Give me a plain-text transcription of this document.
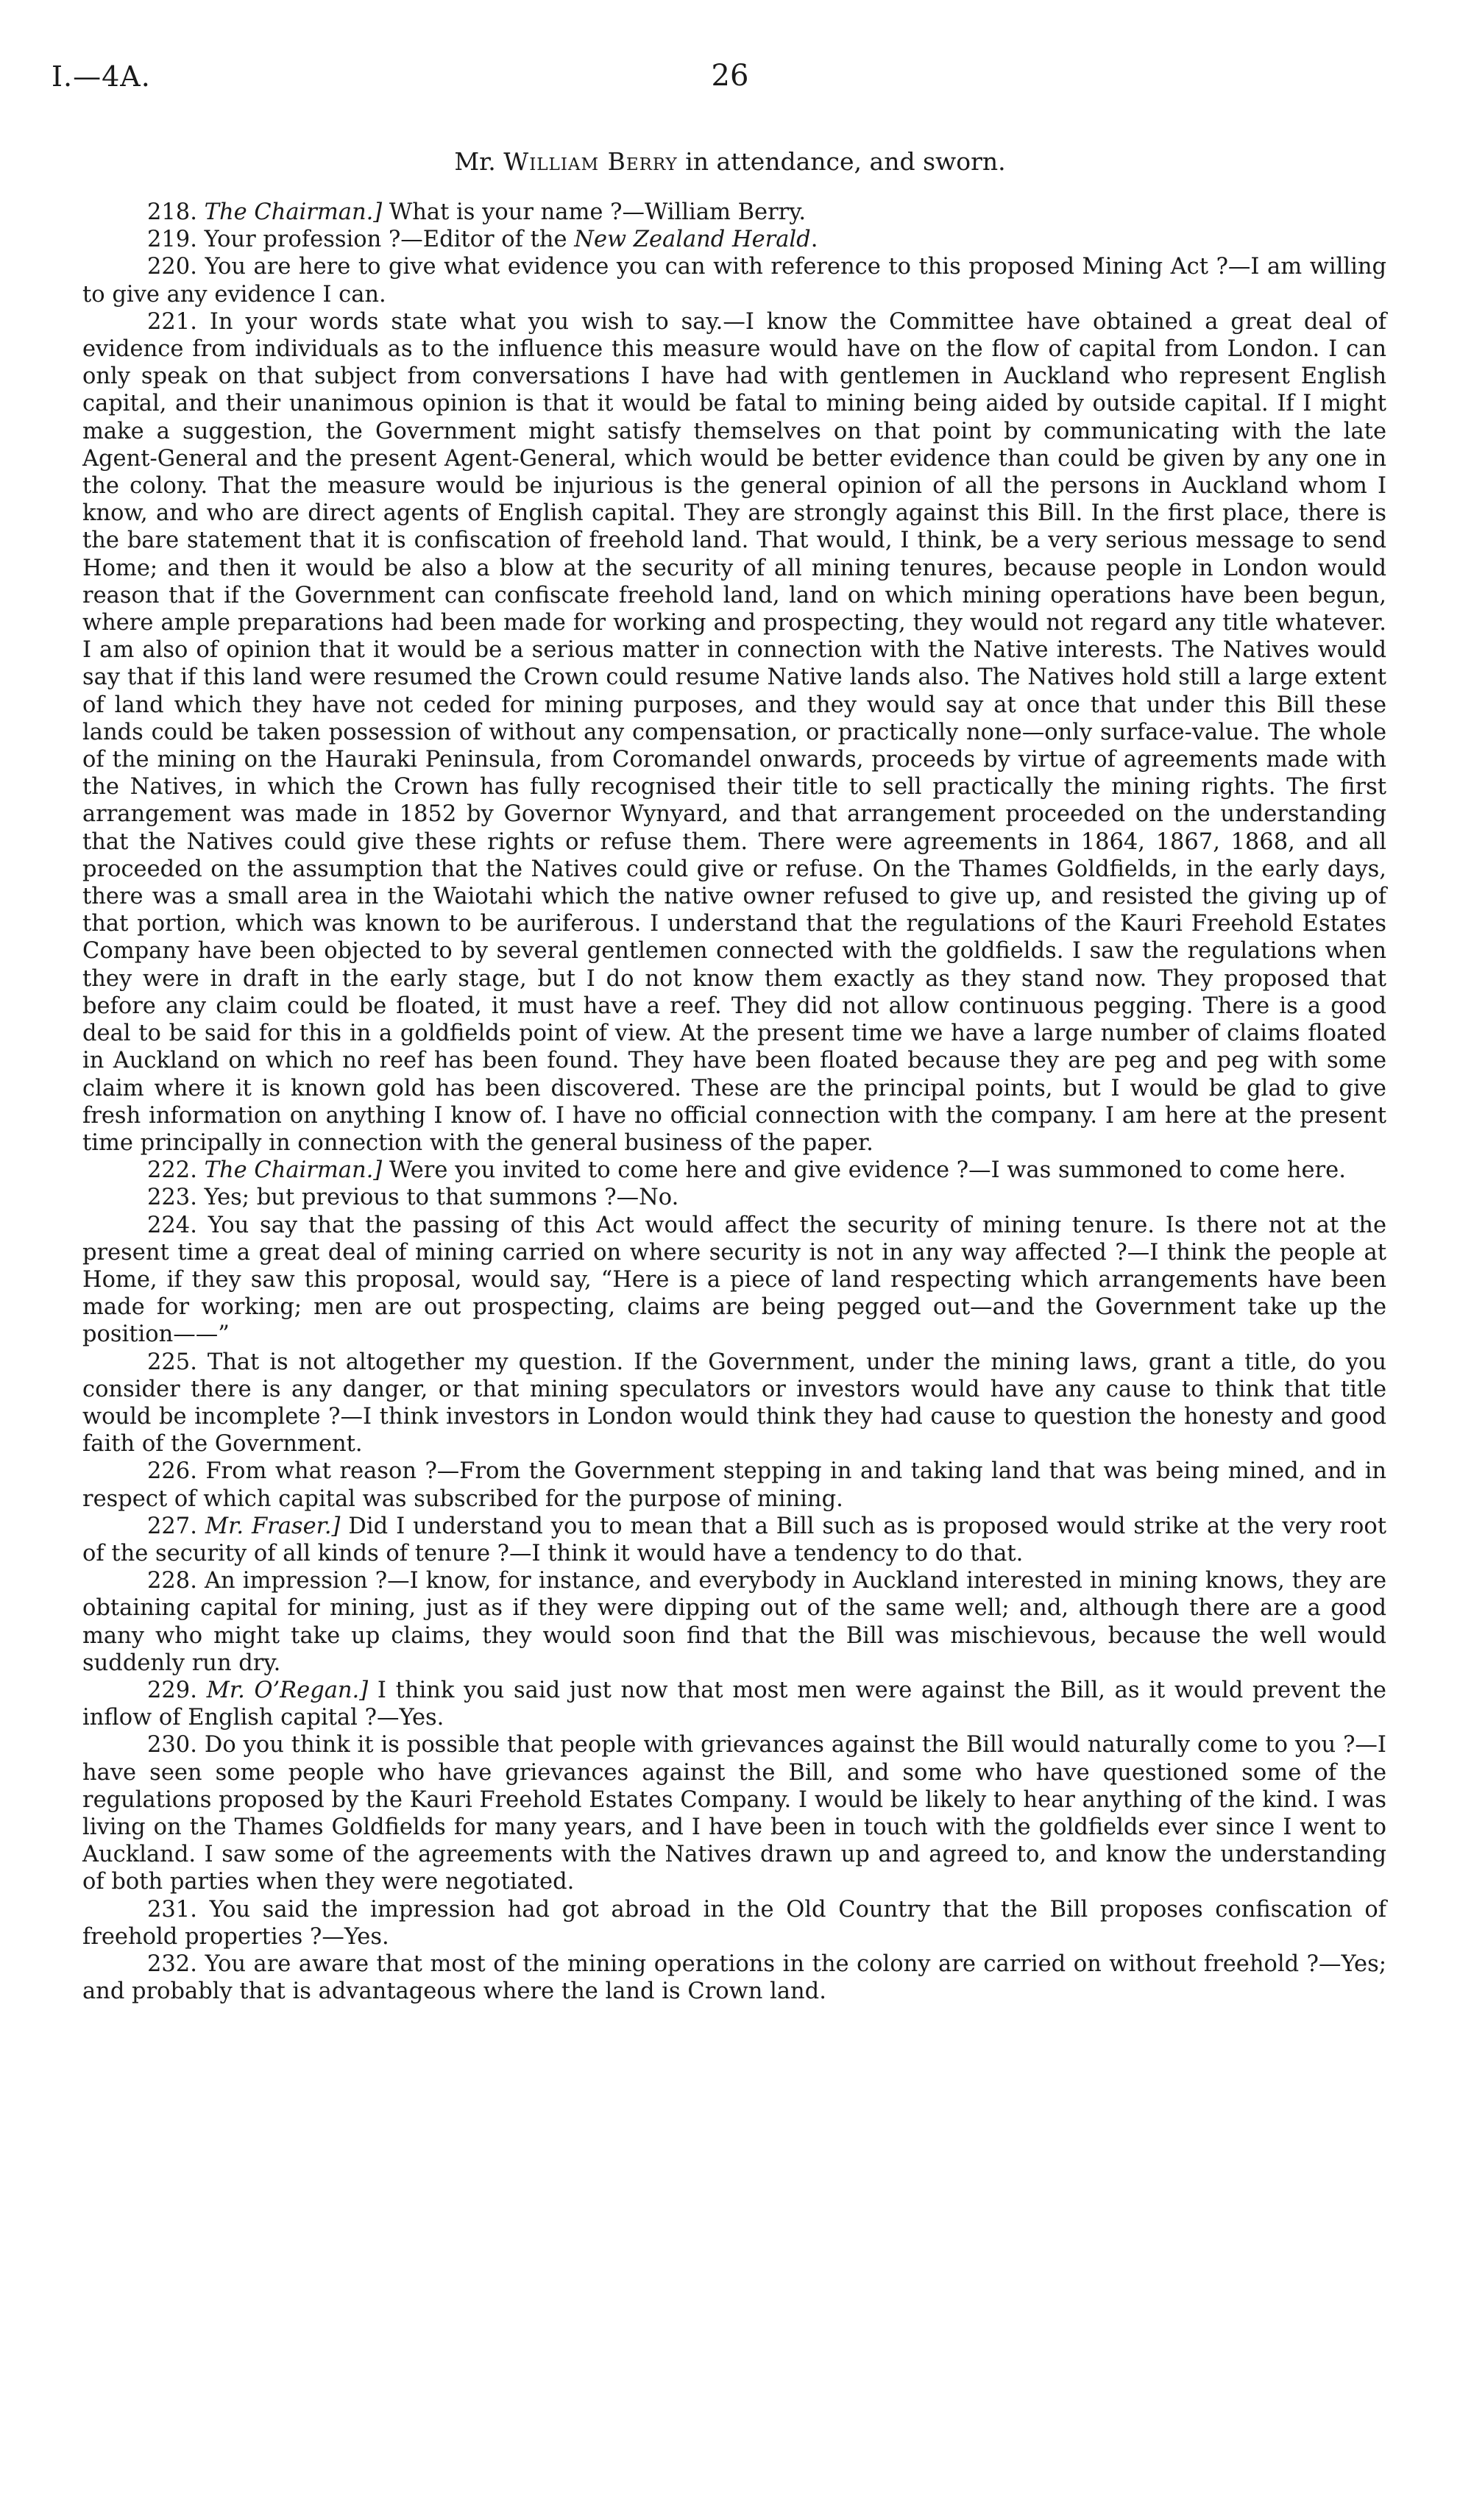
I.—4A.	26
Mr. William Berry in attendance, and sworn.

218. The Chairman.] What is your name ?—William Berry.

219. Your profession ?—Editor of the New Zealand Herald.

220. You are here to give what evidence you can with reference to this proposed Mining Act ?—I am willing to give any evidence I can.

221. In your words state what you wish to say.—I know the Committee have obtained a great deal of evidence from individuals as to the influence this measure would have on the flow of capital from London. I can only speak on that subject from conversations I have had with gentlemen in Auckland who represent English capital, and their unanimous opinion is that it would be fatal to mining being aided by outside capital. If I might make a suggestion, the Government might satisfy themselves on that point by communicating with the late Agent-General and the present Agent-General, which would be better evidence than could be given by any one in the colony. That the measure would be injurious is the general opinion of all the persons in Auckland whom I know, and who are direct agents of English capital. They are strongly against this Bill. In the first place, there is the bare statement that it is confiscation of freehold land. That would, I think, be a very serious message to send Home; and then it would be also a blow at the security of all mining tenures, because people in London would reason that if the Government can confiscate freehold land, land on which mining operations have been begun, where ample preparations had been made for working and prospecting, they would not regard any title whatever. I am also of opinion that it would be a serious matter in connection with the Native interests. The Natives would say that if this land were resumed the Crown could resume Native lands also. The Natives hold still a large extent of land which they have not ceded for mining purposes, and they would say at once that under this Bill these lands could be taken possession of without any compensation, or practically none—only surface-value. The whole of the mining on the Hauraki Peninsula, from Coromandel onwards, proceeds by virtue of agreements made with the Natives, in which the Crown has fully recognised their title to sell practically the mining rights. The first arrangement was made in 1852 by Governor Wynyard, and that arrangement proceeded on the understanding that the Natives could give these rights or refuse them. There were agreements in 1864, 1867, 1868, and all proceeded on the assumption that the Natives could give or refuse. On the Thames Goldfields, in the early days, there was a small area in the Waiotahi which the native owner refused to give up, and resisted the giving up of that portion, which was known to be auriferous. I understand that the regulations of the Kauri Freehold Estates Company have been objected to by several gentlemen connected with the goldfields. I saw the regulations when they were in draft in the early stage, but I do not know them exactly as they stand now. They proposed that before any claim could be floated, it must have a reef. They did not allow continuous pegging. There is a good deal to be said for this in a goldfields point of view. At the present time we have a large number of claims floated in Auckland on which no reef has been found. They have been floated because they are peg and peg with some claim where it is known gold has been discovered. These are the principal points, but I would be glad to give fresh information on anything I know of. I have no official connection with the company. I am here at the present time principally in connection with the general business of the paper.

222. The Chairman.] Were you invited to come here and give evidence ?—I was summoned to come here.

223. Yes; but previous to that summons ?—No.

224. You say that the passing of this Act would affect the security of mining tenure. Is there not at the present time a great deal of mining carried on where security is not in any way affected ?—I think the people at Home, if they saw this proposal, would say, “Here is a piece of land respecting which arrangements have been made for working; men are out prospecting, claims are being pegged out—and the Government take up the position——”

225. That is not altogether my question. If the Government, under the mining laws, grant a title, do you consider there is any danger, or that mining speculators or investors would have any cause to think that title would be incomplete ?—I think investors in London would think they had cause to question the honesty and good faith of the Government.

226. From what reason ?—From the Government stepping in and taking land that was being mined, and in respect of which capital was subscribed for the purpose of mining.

227. Mr. Fraser.] Did I understand you to mean that a Bill such as is proposed would strike at the very root of the security of all kinds of tenure ?—I think it would have a tendency to do that.

228. An impression ?—I know, for instance, and everybody in Auckland interested in mining knows, they are obtaining capital for mining, just as if they were dipping out of the same well; and, although there are a good many who might take up claims, they would soon find that the Bill was mischievous, because the well would suddenly run dry.

229. Mr. O’Regan.] I think you said just now that most men were against the Bill, as it would prevent the inflow of English capital ?—Yes.

230. Do you think it is possible that people with grievances against the Bill would naturally come to you ?—I have seen some people who have grievances against the Bill, and some who have questioned some of the regulations proposed by the Kauri Freehold Estates Company. I would be likely to hear anything of the kind. I was living on the Thames Goldfields for many years, and I have been in touch with the goldfields ever since I went to Auckland. I saw some of the agreements with the Natives drawn up and agreed to, and know the understanding of both parties when they were negotiated.

231. You said the impression had got abroad in the Old Country that the Bill proposes confiscation of freehold properties ?—Yes.

232. You are aware that most of the mining operations in the colony are carried on without freehold ?—Yes; and probably that is advantageous where the land is Crown land.
